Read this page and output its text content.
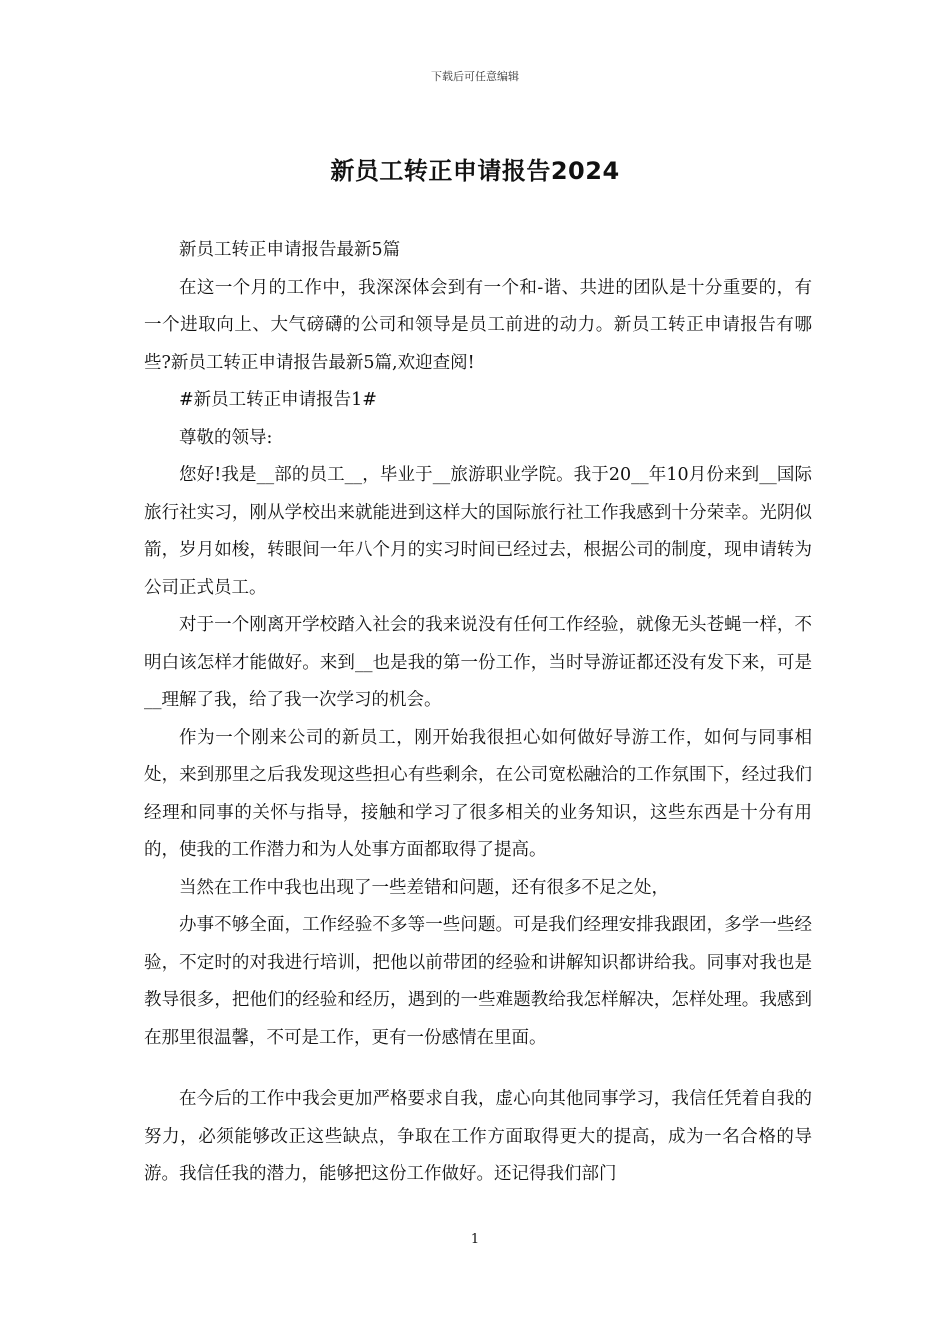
下载后可任意编辑
新员工转正申请报告2024

新员工转正申请报告最新5篇

在这一个月的工作中，我深深体会到有一个和-谐、共进的团队是十分重要的，有一个进取向上、大气磅礴的公司和领导是员工前进的动力。新员工转正申请报告有哪些?新员工转正申请报告最新5篇,欢迎查阅!

#新员工转正申请报告1#

尊敬的领导:

您好!我是__部的员工__，毕业于__旅游职业学院。我于20__年10月份来到__国际旅行社实习，刚从学校出来就能进到这样大的国际旅行社工作我感到十分荣幸。光阴似箭，岁月如梭，转眼间一年八个月的实习时间已经过去，根据公司的制度，现申请转为公司正式员工。

对于一个刚离开学校踏入社会的我来说没有任何工作经验，就像无头苍蝇一样，不明白该怎样才能做好。来到__也是我的第一份工作，当时导游证都还没有发下来，可是__理解了我，给了我一次学习的机会。

作为一个刚来公司的新员工，刚开始我很担心如何做好导游工作，如何与同事相处，来到那里之后我发现这些担心有些剩余，在公司宽松融洽的工作氛围下，经过我们经理和同事的关怀与指导，接触和学习了很多相关的业务知识，这些东西是十分有用的，使我的工作潜力和为人处事方面都取得了提高。

当然在工作中我也出现了一些差错和问题，还有很多不足之处，

办事不够全面，工作经验不多等一些问题。可是我们经理安排我跟团，多学一些经验，不定时的对我进行培训，把他以前带团的经验和讲解知识都讲给我。同事对我也是教导很多，把他们的经验和经历，遇到的一些难题教给我怎样解决，怎样处理。我感到在那里很温馨，不可是工作，更有一份感情在里面。

在今后的工作中我会更加严格要求自我，虚心向其他同事学习，我信任凭着自我的努力，必须能够改正这些缺点，争取在工作方面取得更大的提高，成为一名合格的导游。我信任我的潜力，能够把这份工作做好。还记得我们部门

1
